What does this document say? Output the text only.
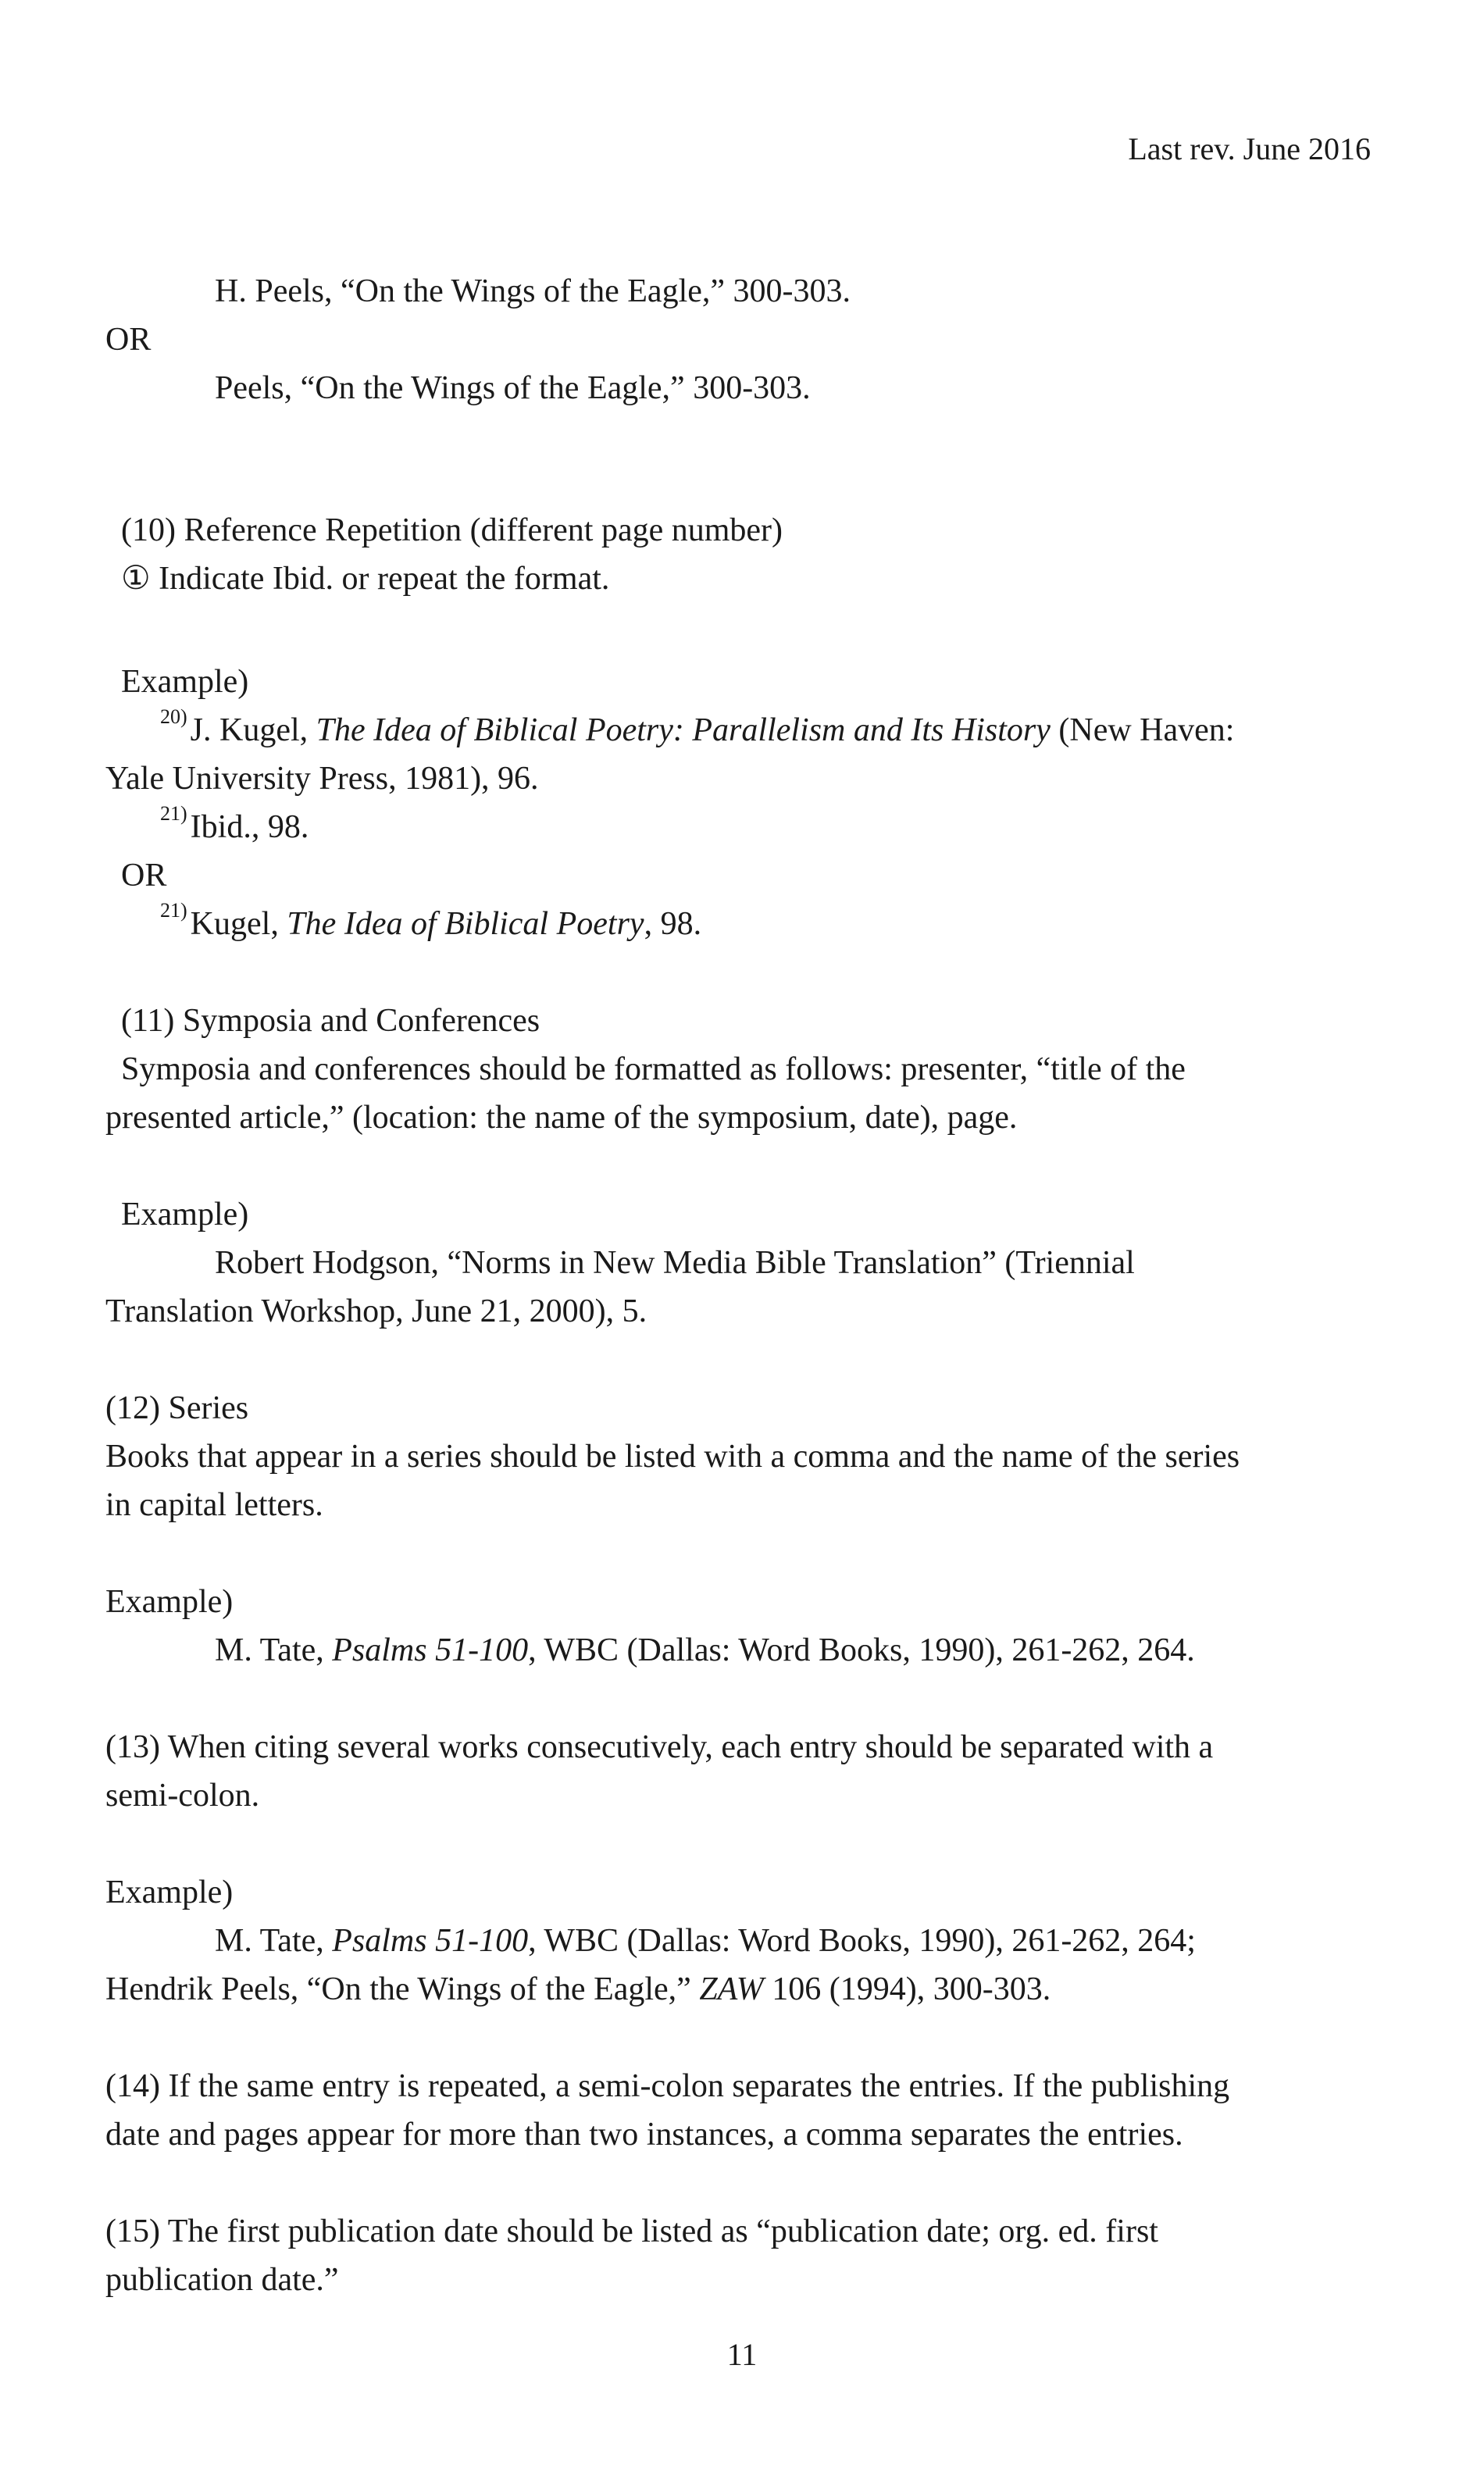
Last rev. June 2016
H. Peels, “On the Wings of the Eagle,” 300-303.
OR
Peels, “On the Wings of the Eagle,” 300-303.
(10) Reference Repetition (different page number)
① Indicate Ibid. or repeat the format.
Example)
$^{20)}$J. Kugel, The Idea of Biblical Poetry: Parallelism and Its History (New Haven:
Yale University Press, 1981), 96.
$^{21)}$Ibid., 98.
OR
$^{21)}$Kugel, The Idea of Biblical Poetry, 98.
(11) Symposia and Conferences
Symposia and conferences should be formatted as follows: presenter, “title of the
presented article,” (location: the name of the symposium, date), page.
Example)
Robert Hodgson, “Norms in New Media Bible Translation” (Triennial
Translation Workshop, June 21, 2000), 5.
(12) Series
Books that appear in a series should be listed with a comma and the name of the series
in capital letters.
Example)
M. Tate, Psalms 51-100, WBC (Dallas: Word Books, 1990), 261-262, 264.
(13) When citing several works consecutively, each entry should be separated with a
semi-colon.
Example)
M. Tate, Psalms 51-100, WBC (Dallas: Word Books, 1990), 261-262, 264;
Hendrik Peels, “On the Wings of the Eagle,” ZAW 106 (1994), 300-303.
(14) If the same entry is repeated, a semi-colon separates the entries. If the publishing
date and pages appear for more than two instances, a comma separates the entries.
(15) The first publication date should be listed as “publication date; org. ed. first
publication date.”
11
